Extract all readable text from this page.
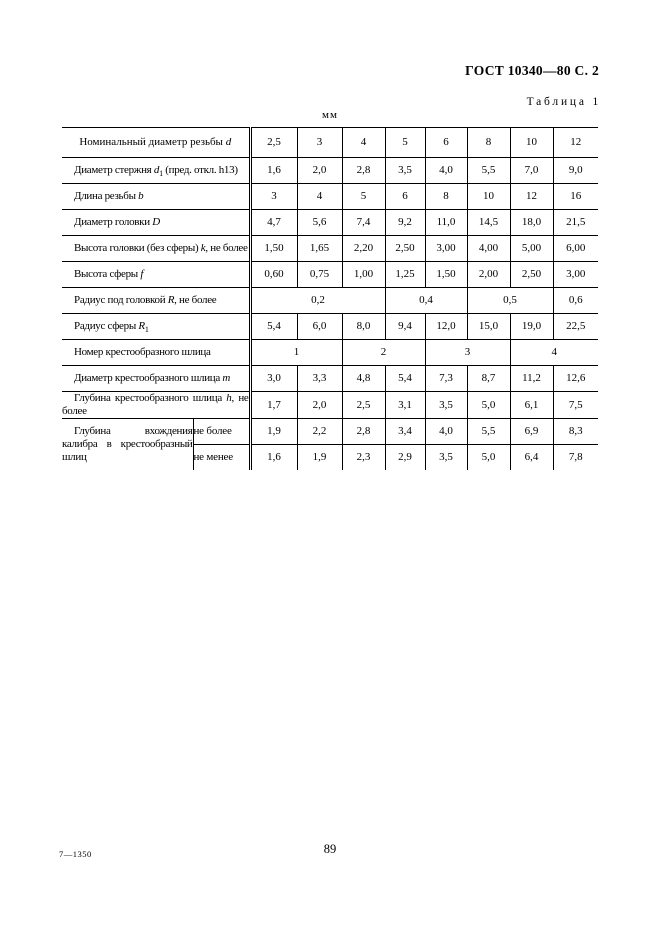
ГОСТ 10340—80 С. 2
Таблица 1
мм
Номинальный диаметр резьбы d		2,5	3	4	5	6	8	10	12
Диаметр стержня $d_1$ (пред. откл. h13)		1,6	2,0	2,8	3,5	4,0	5,5	7,0	9,0
Длина резьбы b		3	4	5	6	8	10	12	16
Диаметр головки D		4,7	5,6	7,4	9,2	11,0	14,5	18,0	21,5
Высота головки (без сферы) k, не более		1,50	1,65	2,20	2,50	3,00	4,00	5,00	6,00
Высота сферы f		0,60	0,75	1,00	1,25	1,50	2,00	2,50	3,00
Радиус под головкой R, не более		0,2			0,4		0,5		0,6
Радиус сферы $R_1$		5,4	6,0	8,0	9,4	12,0	15,0	19,0	22,5
Номер крестообразного шлица		1		2		3		4	
Диаметр крестообразного шлица m		3,0	3,3	4,8	5,4	7,3	8,7	11,2	12,6
Глубина крестообразного шлица h, не более		1,7	2,0	2,5	3,1	3,5	5,0	6,1	7,5
Глубина вхождения калибра в крестообразный шлиц	не более	1,9	2,2	2,8	3,4	4,0	5,5	6,9	8,3
	не менее	1,6	1,9	2,3	2,9	3,5	5,0	6,4	7,8
7—1350	89
